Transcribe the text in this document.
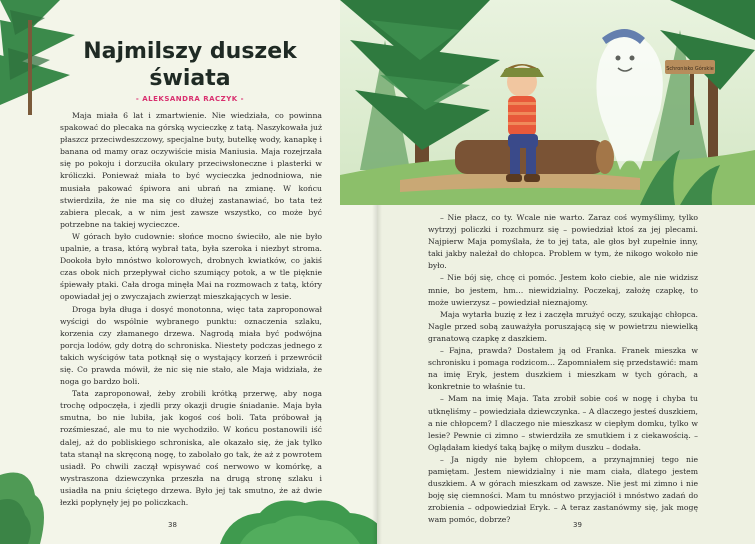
Najmilszy duszek świata
- ALEKSANDRA RACZYK -

Maja miała 6 lat i zmartwienie. Nie wiedziała, co powinna spakować do plecaka na górską wycieczkę z tatą. Naszykowała już płaszcz przeciwdeszczowy, specjalne buty, butelkę wody, kanapkę i banana od mamy oraz oczywiście misia Maniusia. Maja rozejrzała się po pokoju i dorzuciła okulary przeciwsłoneczne i plasterki w króliczki. Ponieważ miała to być wycieczka jednodniowa, nie musiała pakować śpiwora ani ubrań na zmianę. W końcu stwierdziła, że nie ma się co dłużej zastanawiać, bo tata też zabiera plecak, a w nim jest zawsze wszystko, co może być potrzebne na takiej wycieczce.

W górach było cudownie: słońce mocno świeciło, ale nie było upalnie, a trasa, którą wybrał tata, była szeroka i niezbyt stroma. Dookoła było mnóstwo kolorowych, drobnych kwiatków, co jakiś czas obok nich przepływał cicho szumiący potok, a w tle pięknie śpiewały ptaki. Cała droga minęła Mai na rozmowach z tatą, który opowiadał jej o zwyczajach zwierząt mieszkających w lesie.

Droga była długa i dosyć monotonna, więc tata zaproponował wyścigi do wspólnie wybranego punktu: oznaczenia szlaku, korzenia czy złamanego drzewa. Nagrodą miała być podwójna porcja lodów, gdy dotrą do schroniska. Niestety podczas jednego z takich wyścigów tata potknął się o wystający korzeń i przewrócił się. Co prawda mówił, że nic się nie stało, ale Maja widziała, że noga go bardzo boli.

Tata zaproponował, żeby zrobili krótką przerwę, aby noga trochę odpoczęła, i zjedli przy okazji drugie śniadanie. Maja była smutna, bo nie lubiła, jak kogoś coś boli. Tata próbował ją rozśmieszać, ale mu to nie wychodziło. W końcu postanowili iść dalej, aż do pobliskiego schroniska, ale okazało się, że jak tylko tata stanął na skręconą nogę, to zabolało go tak, że aż z powrotem usiadł. Po chwili zaczął wpisywać coś nerwowo w komórkę, a wystraszona dziewczynka przeszła na drugą stronę szlaku i usiadła na pniu ściętego drzewa. Było jej tak smutno, że aż dwie łezki popłynęły jej po policzkach.

38	39
Schronisko Górskie

– Nie płacz, co ty. Wcale nie warto. Zaraz coś wymyślimy, tylko wytrzyj policzki i rozchmurz się – powiedział ktoś za jej plecami. Najpierw Maja pomyślała, że to jej tata, ale głos był zupełnie inny, taki jakby należał do chłopca. Problem w tym, że nikogo wokoło nie było.

– Nie bój się, chcę ci pomóc. Jestem koło ciebie, ale nie widzisz mnie, bo jestem, hm… niewidzialny. Poczekaj, założę czapkę, to może uwierzysz – powiedział nieznajomy.

Maja wytarła buzię z łez i zaczęła mrużyć oczy, szukając chłopca. Nagle przed sobą zauważyła poruszającą się w powietrzu niewielką granatową czapkę z daszkiem.

– Fajna, prawda? Dostałem ją od Franka. Franek mieszka w schronisku i pomaga rodzicom… Zapomniałem się przedstawić: mam na imię Eryk, jestem duszkiem i mieszkam w tych górach, a konkretnie to właśnie tu.

– Mam na imię Maja. Tata zrobił sobie coś w nogę i chyba tu utknęliśmy – powiedziała dziewczynka. – A dlaczego jesteś duszkiem, a nie chłopcem? I dlaczego nie mieszkasz w ciepłym domku, tylko w lesie? Pewnie ci zimno – stwierdziła ze smutkiem i z ciekawością. – Oglądałam kiedyś taką bajkę o miłym duszku – dodała.

– Ja nigdy nie byłem chłopcem, a przynajmniej tego nie pamiętam. Jestem niewidzialny i nie mam ciała, dlatego jestem duszkiem. A w górach mieszkam od zawsze. Nie jest mi zimno i nie boję się ciemności. Mam tu mnóstwo przyjaciół i mnóstwo zadań do zrobienia – odpowiedział Eryk. – A teraz zastanówmy się, jak mogę wam pomóc, dobrze?
